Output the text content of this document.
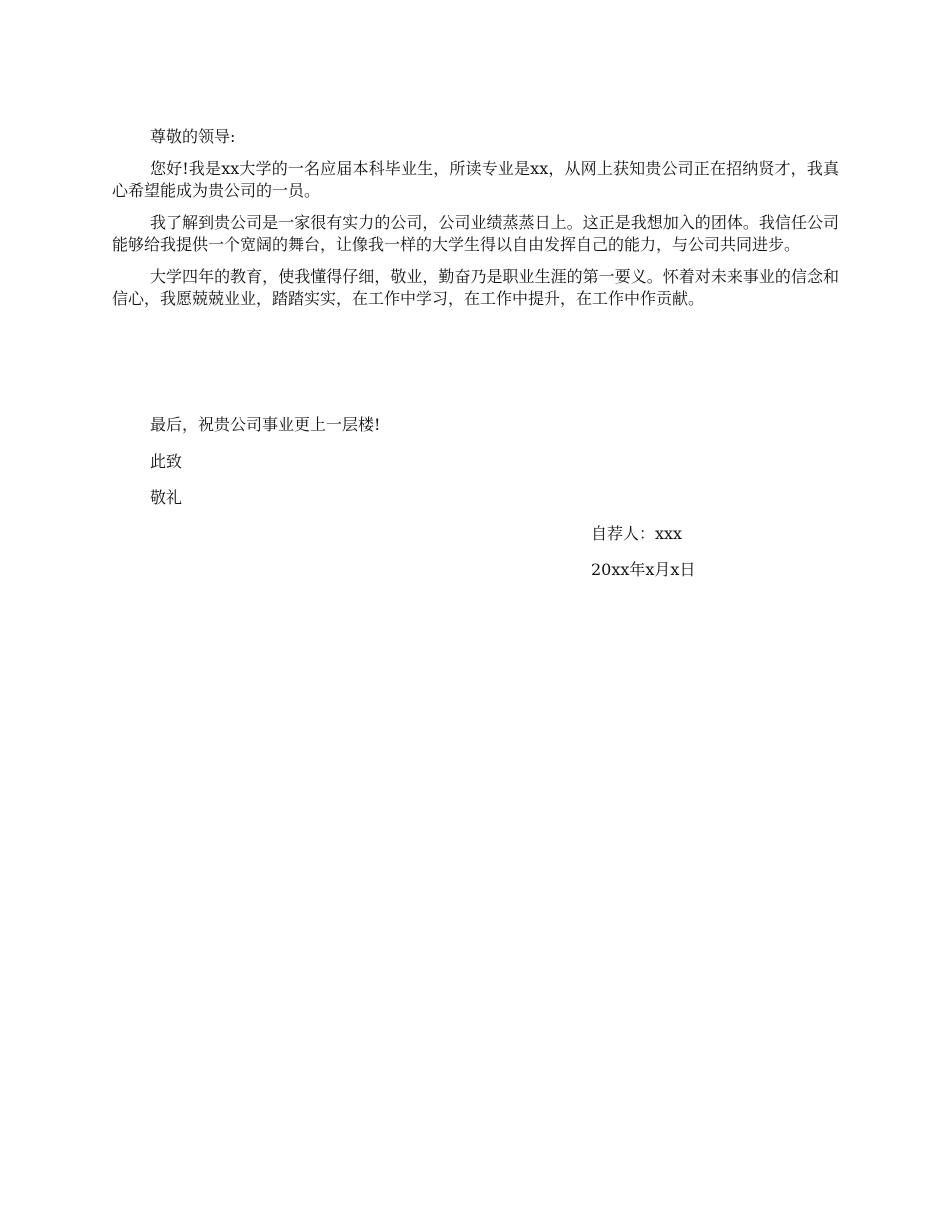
尊敬的领导:

您好!我是xx大学的一名应届本科毕业生，所读专业是xx，从网上获知贵公司正在招纳贤才，我真心希望能成为贵公司的一员。

我了解到贵公司是一家很有实力的公司，公司业绩蒸蒸日上。这正是我想加入的团体。我信任公司能够给我提供一个宽阔的舞台，让像我一样的大学生得以自由发挥自己的能力，与公司共同进步。

大学四年的教育，使我懂得仔细，敬业，勤奋乃是职业生涯的第一要义。怀着对未来事业的信念和信心，我愿兢兢业业，踏踏实实，在工作中学习，在工作中提升，在工作中作贡献。

最后，祝贵公司事业更上一层楼!
此致
敬礼
自荐人：xxx
20xx年x月x日
